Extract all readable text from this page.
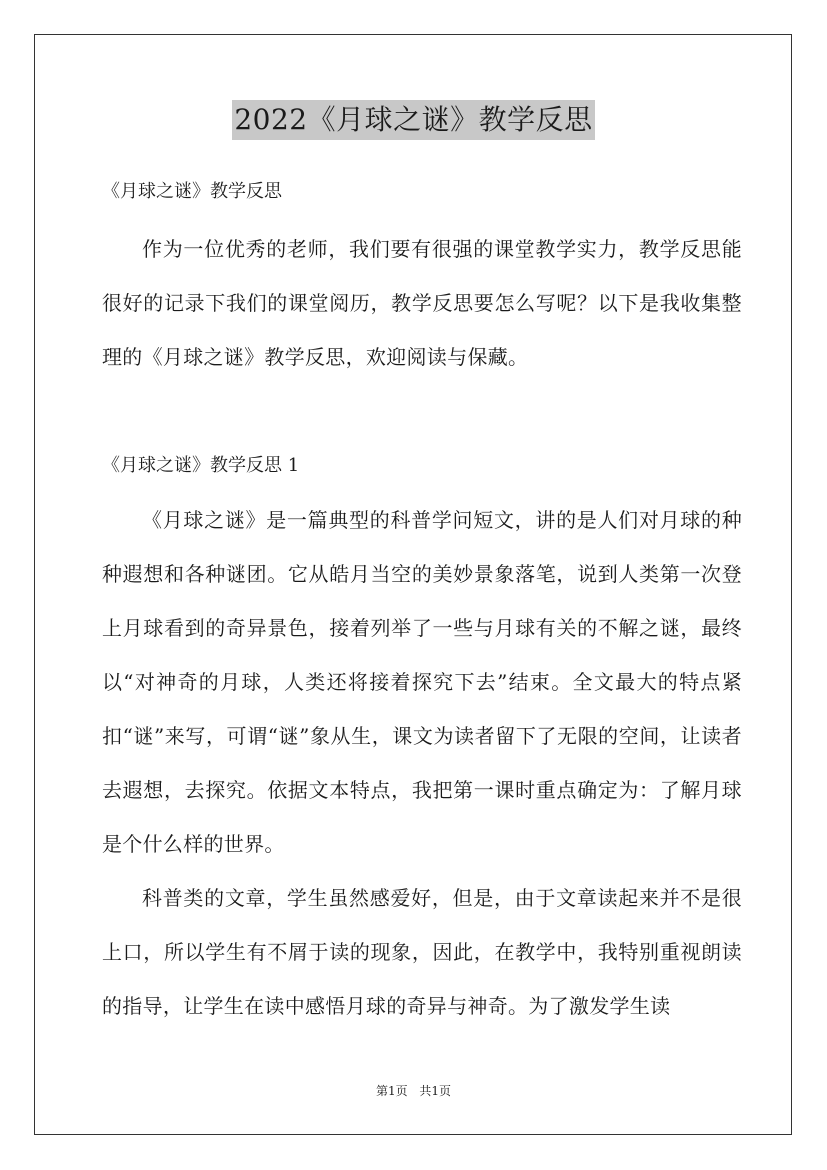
2022《月球之谜》教学反思
《月球之谜》教学反思

作为一位优秀的老师，我们要有很强的课堂教学实力，教学反思能很好的记录下我们的课堂阅历，教学反思要怎么写呢？以下是我收集整理的《月球之谜》教学反思，欢迎阅读与保藏。

《月球之谜》教学反思 1

《月球之谜》是一篇典型的科普学问短文，讲的是人们对月球的种种遐想和各种谜团。它从皓月当空的美妙景象落笔，说到人类第一次登上月球看到的奇异景色，接着列举了一些与月球有关的不解之谜，最终以“对神奇的月球，人类还将接着探究下去”结束。全文最大的特点紧扣“谜”来写，可谓“谜”象从生，课文为读者留下了无限的空间，让读者去遐想，去探究。依据文本特点，我把第一课时重点确定为：了解月球是个什么样的世界。

科普类的文章，学生虽然感爱好，但是，由于文章读起来并不是很上口，所以学生有不屑于读的现象，因此，在教学中，我特别重视朗读的指导，让学生在读中感悟月球的奇异与神奇。为了激发学生读

第1页 共1页
